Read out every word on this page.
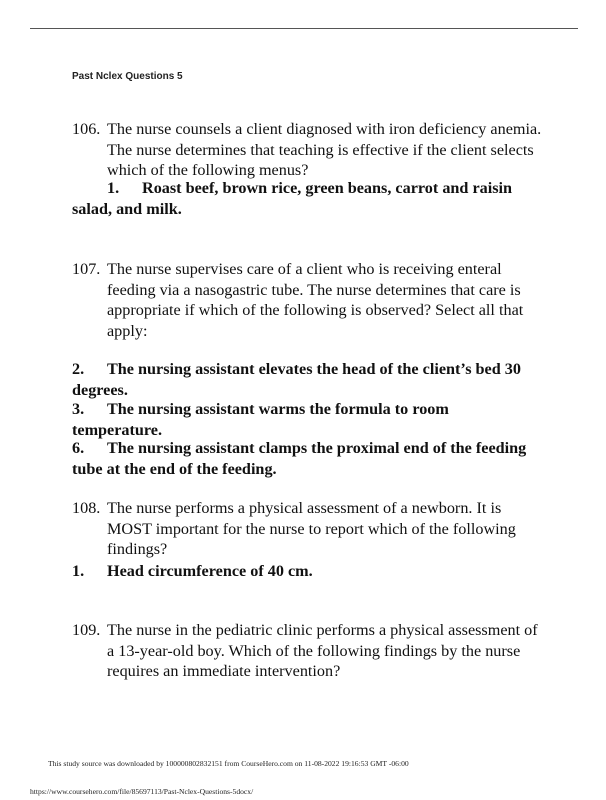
Past Nclex Questions 5
106. The nurse counsels a client diagnosed with iron deficiency anemia. The nurse determines that teaching is effective if the client selects which of the following menus?
1. Roast beef, brown rice, green beans, carrot and raisin salad, and milk.
107. The nurse supervises care of a client who is receiving enteral feeding via a nasogastric tube. The nurse determines that care is appropriate if which of the following is observed? Select all that apply:
2. The nursing assistant elevates the head of the client’s bed 30 degrees.
3. The nursing assistant warms the formula to room temperature.
6. The nursing assistant clamps the proximal end of the feeding tube at the end of the feeding.
108. The nurse performs a physical assessment of a newborn. It is MOST important for the nurse to report which of the following findings?
1. Head circumference of 40 cm.
109. The nurse in the pediatric clinic performs a physical assessment of a 13-year-old boy. Which of the following findings by the nurse requires an immediate intervention?
This study source was downloaded by 100000802832151 from CourseHero.com on 11-08-2022 19:16:53 GMT -06:00
https://www.coursehero.com/file/85697113/Past-Nclex-Questions-5docx/
